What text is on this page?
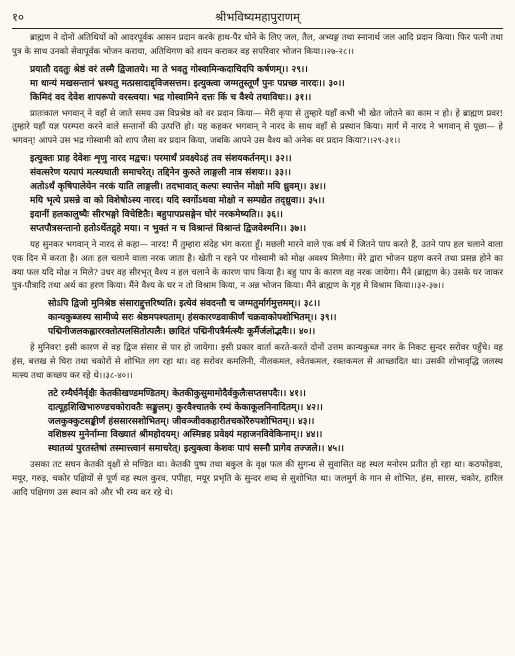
१०	श्रीभविष्यमहापुराणम्

ब्राह्मण ने दोनों अतिथियों को आदरपूर्वक आसन प्रदान करके हाथ-पैर धोने के लिए जल, तैल, अभ्यङ्ग तथा स्नानार्थ जल आदि प्रदान किया। फिर पत्नी तथा पुत्र के साथ उनको सेवापूर्वक भोजन कराया, अतिथिगण को शयन कराकर वह सपरिवार भोजन किया।।२७-२८।।

प्रयातौ ददतुः श्रेष्ठं वरं तस्मै द्विजातये। मा ते भवतु गोस्वामिन्कदाचिदपि कर्षणम्।। २९।।
मा धान्यं मखसन्तानं भ्रश्यतु मत्प्रसादाद्द्विजसत्तम। इत्युक्त्वा जग्मतुस्तूर्णं पुनः पप्रच्छ नारदः।। ३०।।
किमिदं वद देवेश शापरूपो वरस्त्वया। भद्र गोस्वामिने दत्तः किं च वैश्ये तथाविधः।। ३१।।

प्रातःकाल भगवान् ने वहाँ से जाते समय उस विप्रश्रेष्ठ को वर प्रदान किया— मेरी कृपा से तुम्हारे यहाँ कभी भी खेत जोतने का काम न हो। हे ब्राह्मण प्रवर! तुम्हारे यहाँ यज्ञ परम्परा करने वाले सन्तानों की उत्पत्ति हो। यह कहकर भगवान् ने नारद के साथ वहाँ से प्रस्थान किया। मार्ग में नारद ने भगवान् से पूछा— हे भगवन्! आपने उस भद्र गोस्वामी को शाप जैसा वर प्रदान किया, जबकि आपने उस वैश्य को अनेक वर प्रदान किया?।।२९-३१।।

इत्युक्तः प्राह देवेशः शृणु नारद मद्वचः। परमार्थं प्रवक्ष्येऽहं तव संशयकर्तनम्।। ३२।।
संवत्सरेण यत्पापं मत्स्यघाती समाचरेत्। तद्दिनेन कुरुते लाङ्गली नात्र संशयः।। ३३।।
अतोऽर्थं कृषिपालेयेन नरकं याति लाङ्गली। तदभावात् कल्पः स्यात्तेन मोक्षो मयि ध्रुवम्।। ३४।।
मयि भृत्ये प्रसन्ने वा को विशेषोऽस्य नारद। यदि स्वर्गोऽथवा मोक्षो न सम्पद्येत तद्ध्रुवा।। ३५।।
इदानीं हलकालुष्यैः सीरभङ्गो विचेष्टितैः। बहुपापप्रसङ्गेन घोरं नरकमेष्यति।। ३६।।
सप्तपौत्रसन्तानो हतोऽर्थेतद्गृहे मया। न भुक्तं न च विश्रान्तं विश्रान्तं द्विजवेश्मनि।। ३७।।

यह सुनकर भगवान् ने नारद से कहा— नारद! मैं तुम्हारा संदेह भंग करता हूँ। मछली मारने वाले एक वर्ष में जितने पाप करते हैं, उतने पाप हल चलाने वाला एक दिन में करता है। अतः हल चलाने वाला नरक जाता है। खेती न रहने पर गोस्वामी को मोक्ष अवश्य मिलेगा। मेरे द्वारा भोजन ग्रहण करने तथा प्रसन्न होने का क्या फल यदि मोक्ष न मिले? उधर वह सीरभृत् वैश्य न हल चलाने के कारण पाप किया है। बहु पाप के कारण वह नरक जायेगा। मैंने (ब्राह्मण के) उसके घर जाकर पुत्र-पौत्रादि तथा अर्थ का हरण किया। मैंने वैश्य के घर न तो विश्राम किया, न अन्न भोजन किया। मैंने ब्राह्मण के गृह में विश्राम किया।।३२-३७।।

सोऽपि द्विजो मुनिश्रेष्ठ संसाराद्दुत्तरिष्यति। इत्येवं संवदन्तौ च जग्मतुर्मार्गमुत्तमम्।। ३८।।
कान्यकुब्जस्य सामीप्ये सरः श्रेष्ठमपश्यताम्। हंसकारण्डवाकीर्णं चक्रवाकोपशोभितम्।। ३९।।
पद्मिनीजलकह्लाररक्तोत्पलसितोत्पलैः। छादितं पद्मिनीपत्रैर्मत्स्यैः कूर्मैर्जलोद्भवैः।। ४०।।

हे मुनिवर! इसी कारण से वह द्विज संसार से पार हो जायेगा। इसी प्रकार वार्ता करते-करते दोनों उत्तम कान्यकुब्ज नगर के निकट सुन्दर सरोवर पहुँचे। वह हंस, बत्तख से घिरा तथा चकोरों से शोभित लग रहा था। वह सरोवर कमलिनी, नीलकमल, श्वेतकमल, रक्तकमल से आच्छादित था। उसकी शोभावृद्धि जलस्थ मत्स्य तथा कच्छप कर रहे थे।।३८-४०।।

तटे रम्यैर्घनैर्वृक्षैः केतकीखण्डमण्डितम्। केतकीकुसुमामोदैर्वकुलैःसप्तसपदैः।। ४१।।
दात्यूहशिखिभारुण्डचकोरावतैः सङ्कुलम्। कुरवैश्चातके रम्यं केकाकूलनिनादितम्।। ४२।।
जलकुक्कुटसङ्कीर्णं हंससारसशोभितम्। जीवञ्जीवकहारीतचकोरैरुपशोभितम्।। ४३।।
वशिष्ठस्य मुनेर्नाम्ना विख्यातं श्रीमहोदयम्। अस्मिन्नह प्रवेक्ष्यं महाजनविवेकिनाम्।। ४४।।
स्थातव्यं पुरतस्तेषां तस्मात्त्त्वानं समाचरेत्। इत्युक्त्वा केशवः पापं सस्नौ प्रागेव तज्जले।। ४५।।

उसका तट सघन केतकी वृक्षों से मण्डित था। केतकी पुष्प तथा बकुल के वृक्ष फल की सुगन्ध से सुवासित वह स्थल मनोरम प्रतीत हो रहा था। कठफोड़वा, मयूर, गरुड़, चकोर पक्षियों से पूर्ण वह स्थल कुरव, पपीहा, मयूर प्रभृति के सुन्दर शब्द से सुशोभित था। जलमुर्ग के गान से शोभित, हंस, सारस, चकोर, हारिल आदि पक्षिगण उस स्थान को और भी रम्य कर रहे थे।
